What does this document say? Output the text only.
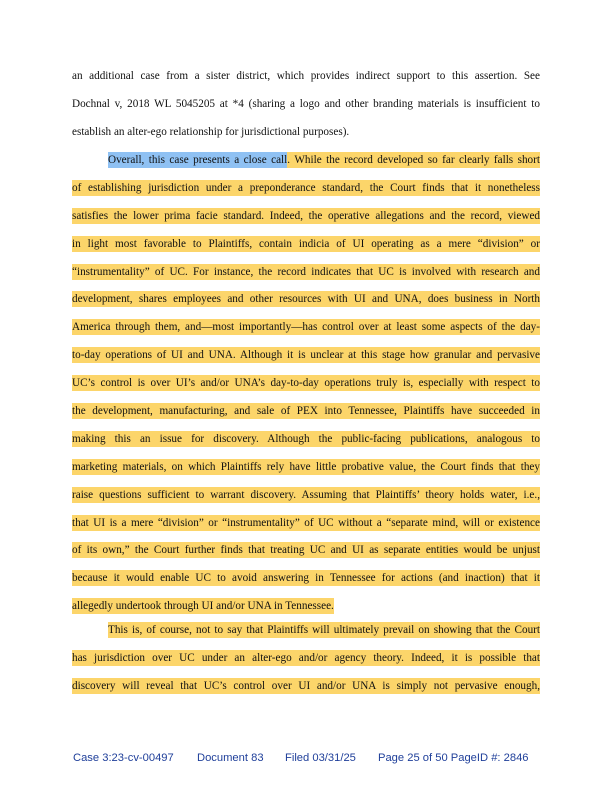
an additional case from a sister district, which provides indirect support to this assertion. See
Dochnal v, 2018 WL 5045205 at *4 (sharing a logo and other branding materials is insufficient to
establish an alter-ego relationship for jurisdictional purposes).
Overall, this case presents a close call. While the record developed so far clearly falls short
of establishing jurisdiction under a preponderance standard, the Court finds that it nonetheless
satisfies the lower prima facie standard. Indeed, the operative allegations and the record, viewed
in light most favorable to Plaintiffs, contain indicia of UI operating as a mere “division” or
“instrumentality” of UC. For instance, the record indicates that UC is involved with research and
development, shares employees and other resources with UI and UNA, does business in North
America through them, and—most importantly—has control over at least some aspects of the day-
to-day operations of UI and UNA. Although it is unclear at this stage how granular and pervasive
UC’s control is over UI’s and/or UNA’s day-to-day operations truly is, especially with respect to
the development, manufacturing, and sale of PEX into Tennessee, Plaintiffs have succeeded in
making this an issue for discovery. Although the public-facing publications, analogous to
marketing materials, on which Plaintiffs rely have little probative value, the Court finds that they
raise questions sufficient to warrant discovery. Assuming that Plaintiffs’ theory holds water, i.e.,
that UI is a mere “division” or “instrumentality” of UC without a “separate mind, will or existence
of its own,” the Court further finds that treating UC and UI as separate entities would be unjust
because it would enable UC to avoid answering in Tennessee for actions (and inaction) that it
allegedly undertook through UI and/or UNA in Tennessee.
This is, of course, not to say that Plaintiffs will ultimately prevail on showing that the Court
has jurisdiction over UC under an alter-ego and/or agency theory. Indeed, it is possible that
discovery will reveal that UC’s control over UI and/or UNA is simply not pervasive enough,
Case 3:23-cv-00497 Document 83 Filed 03/31/25 Page 25 of 50 PageID #: 2846
